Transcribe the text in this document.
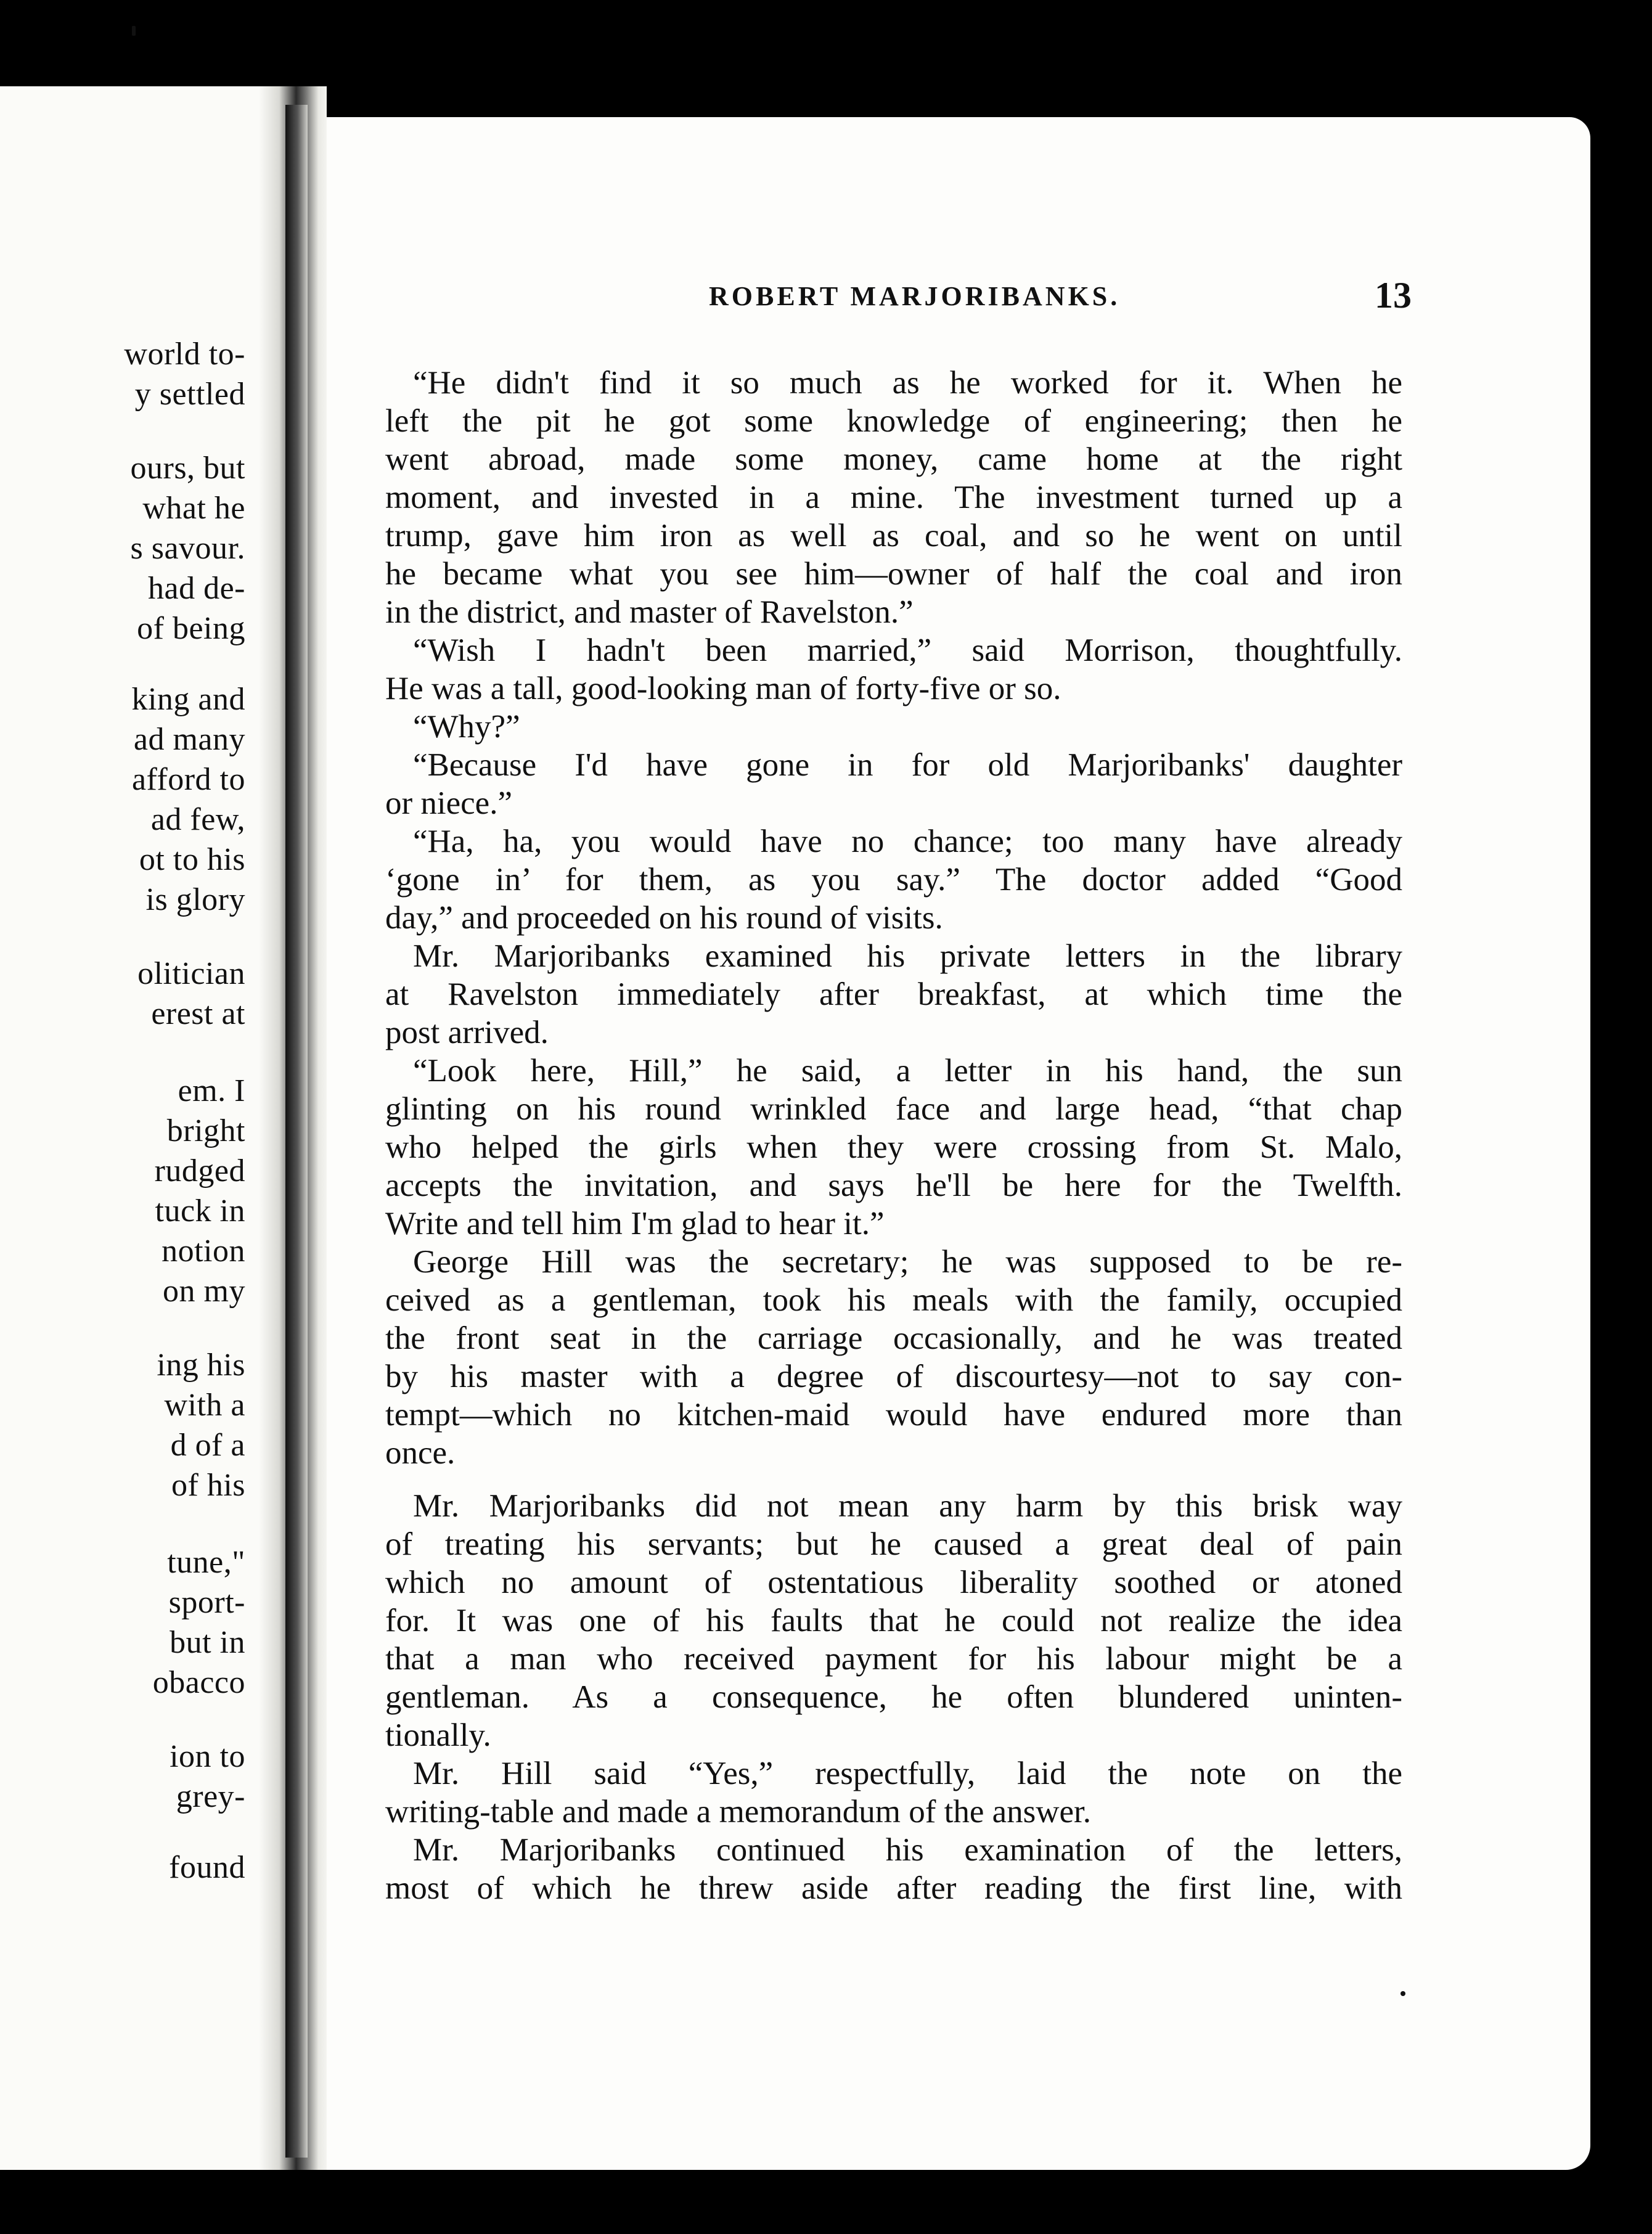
world to-
y settled
ours, but
what he
s savour.
had de-
of being
king and
ad many
afford to
ad few,
ot to his
is glory
olitician
erest at
em. I
bright
rudged
tuck in
notion
on my
ing his
with a
d of a
of his
tune,"
sport-
but in
obacco
ion to
grey-
found
ROBERT MARJORIBANKS.	13
“He didn't find it so much as he worked for it. When he
left the pit he got some knowledge of engineering; then he
went abroad, made some money, came home at the right
moment, and invested in a mine. The investment turned up a
trump, gave him iron as well as coal, and so he went on until
he became what you see him—owner of half the coal and iron
in the district, and master of Ravelston.”
“Wish I hadn't been married,” said Morrison, thoughtfully.
He was a tall, good-looking man of forty-five or so.
“Why?”
“Because I'd have gone in for old Marjoribanks' daughter
or niece.”
“Ha, ha, you would have no chance; too many have already
‘gone in’ for them, as you say.” The doctor added “Good
day,” and proceeded on his round of visits.
Mr. Marjoribanks examined his private letters in the library
at Ravelston immediately after breakfast, at which time the
post arrived.
“Look here, Hill,” he said, a letter in his hand, the sun
glinting on his round wrinkled face and large head, “that chap
who helped the girls when they were crossing from St. Malo,
accepts the invitation, and says he'll be here for the Twelfth.
Write and tell him I'm glad to hear it.”
George Hill was the secretary; he was supposed to be re-
ceived as a gentleman, took his meals with the family, occupied
the front seat in the carriage occasionally, and he was treated
by his master with a degree of discourtesy—not to say con-
tempt—which no kitchen-maid would have endured more than
once.
Mr. Marjoribanks did not mean any harm by this brisk way
of treating his servants; but he caused a great deal of pain
which no amount of ostentatious liberality soothed or atoned
for. It was one of his faults that he could not realize the idea
that a man who received payment for his labour might be a
gentleman. As a consequence, he often blundered uninten-
tionally.
Mr. Hill said “Yes,” respectfully, laid the note on the
writing-table and made a memorandum of the answer.
Mr. Marjoribanks continued his examination of the letters,
most of which he threw aside after reading the first line, with
